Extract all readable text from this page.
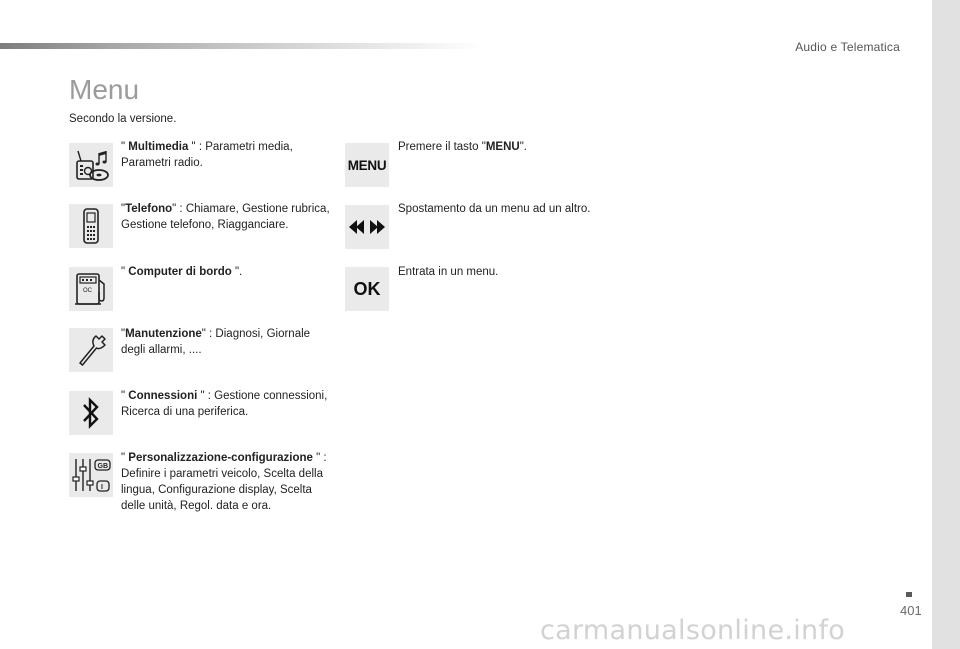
Audio e Telematica
Menu
Secondo la versione.
" Multimedia " : Parametri media, Parametri radio.
"Telefono" : Chiamare, Gestione rubrica, Gestione telefono, Riagganciare.
OC
" Computer di bordo ".
"Manutenzione" : Diagnosi, Giornale degli allarmi, ....
" Connessioni " : Gestione connessioni, Ricerca di una periferica.
GB
I
" Personalizzazione-configurazione " : Definire i parametri veicolo, Scelta della lingua, Configurazione display, Scelta delle unità, Regol. data e ora.
MENU
Premere il tasto "MENU".
Spostamento da un menu ad un altro.
OK
Entrata in un menu.
401
carmanualsonline.info
